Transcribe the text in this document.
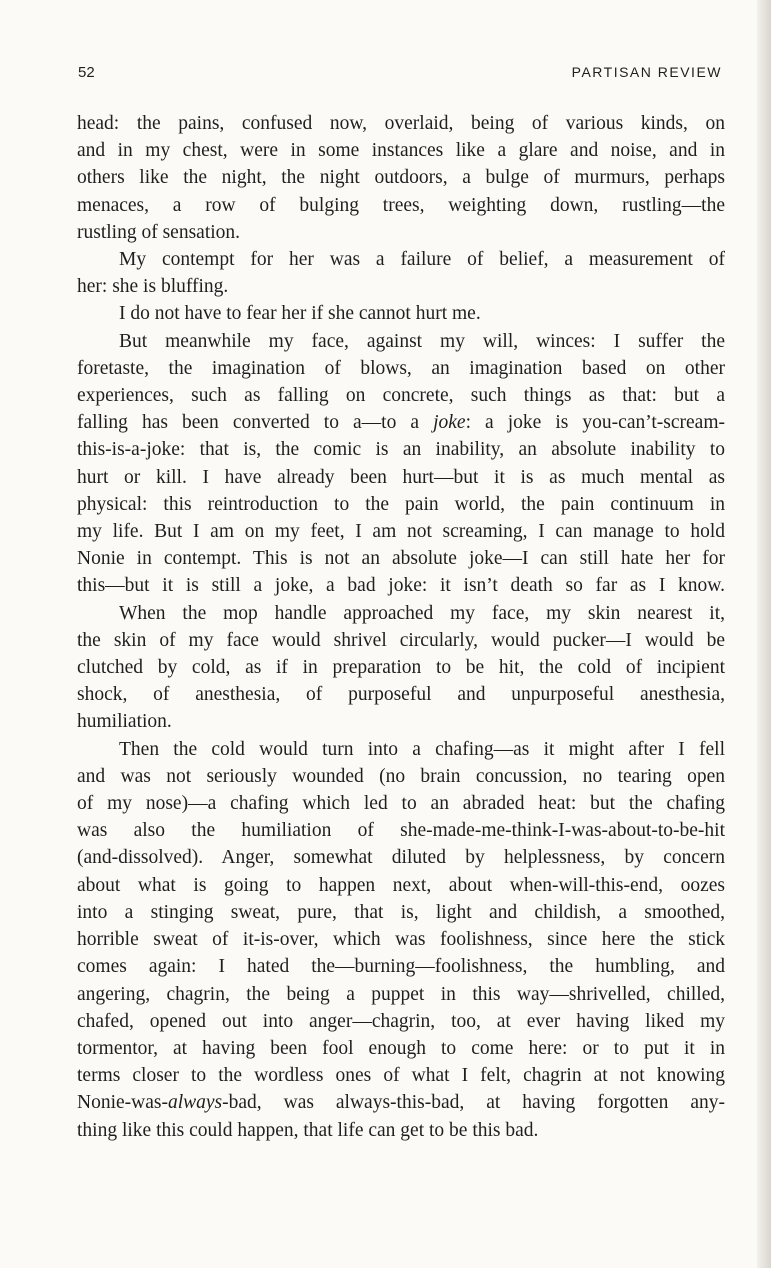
52	PARTISAN REVIEW
head: the pains, confused now, overlaid, being of various kinds, on
and in my chest, were in some instances like a glare and noise, and in
others like the night, the night outdoors, a bulge of murmurs, perhaps
menaces, a row of bulging trees, weighting down, rustling—the
rustling of sensation.
My contempt for her was a failure of belief, a measurement of
her: she is bluffing.
I do not have to fear her if she cannot hurt me.
But meanwhile my face, against my will, winces: I suffer the
foretaste, the imagination of blows, an imagination based on other
experiences, such as falling on concrete, such things as that: but a
falling has been converted to a—to a joke: a joke is you-can’t-scream-
this-is-a-joke: that is, the comic is an inability, an absolute inability to
hurt or kill. I have already been hurt—but it is as much mental as
physical: this reintroduction to the pain world, the pain continuum in
my life. But I am on my feet, I am not screaming, I can manage to hold
Nonie in contempt. This is not an absolute joke—I can still hate her for
this—but it is still a joke, a bad joke: it isn’t death so far as I know.
When the mop handle approached my face, my skin nearest it,
the skin of my face would shrivel circularly, would pucker—I would be
clutched by cold, as if in preparation to be hit, the cold of incipient
shock, of anesthesia, of purposeful and unpurposeful anesthesia,
humiliation.
Then the cold would turn into a chafing—as it might after I fell
and was not seriously wounded (no brain concussion, no tearing open
of my nose)—a chafing which led to an abraded heat: but the chafing
was also the humiliation of she-made-me-think-I-was-about-to-be-hit
(and-dissolved). Anger, somewhat diluted by helplessness, by concern
about what is going to happen next, about when-will-this-end, oozes
into a stinging sweat, pure, that is, light and childish, a smoothed,
horrible sweat of it-is-over, which was foolishness, since here the stick
comes again: I hated the—burning—foolishness, the humbling, and
angering, chagrin, the being a puppet in this way—shrivelled, chilled,
chafed, opened out into anger—chagrin, too, at ever having liked my
tormentor, at having been fool enough to come here: or to put it in
terms closer to the wordless ones of what I felt, chagrin at not knowing
Nonie-was-always-bad, was always-this-bad, at having forgotten any-
thing like this could happen, that life can get to be this bad.
